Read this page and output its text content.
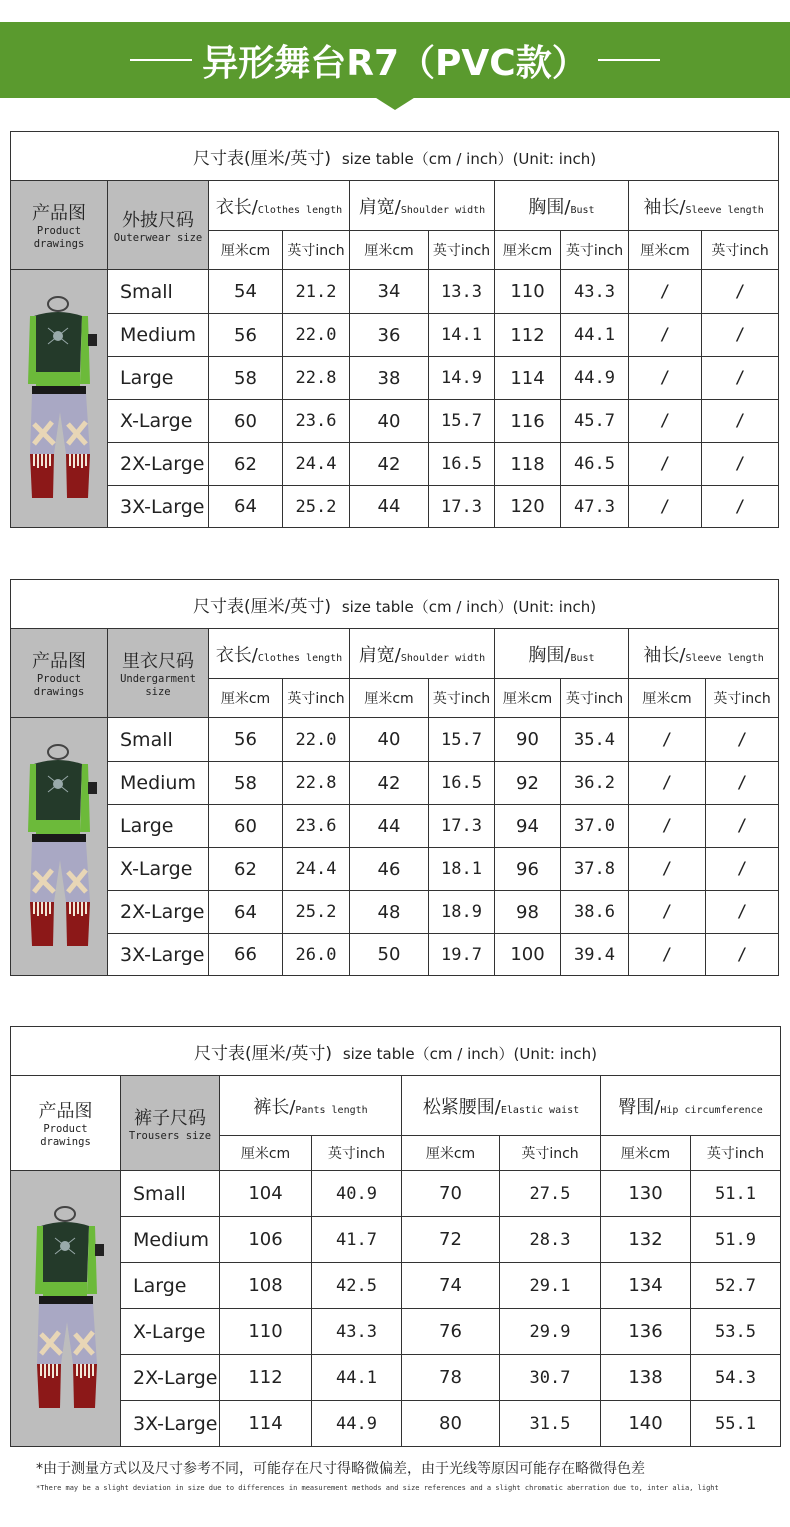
异形舞台R7（PVC款）
尺寸表(厘米/英寸) size table（cm / inch）(Unit: inch)									

产品图
Product drawings	外披尺码
Outerwear size	衣长/Clothes length		肩宽/Shoulder width		胸围/Bust		袖长/Sleeve length	
		厘米cm	英寸inch	厘米cm	英寸inch	厘米cm	英寸inch	厘米cm	英寸inch

	Small	54	21.2	34	13.3	110	43.3	/	/
	Medium	56	22.0	36	14.1	112	44.1	/	/
	Large	58	22.8	38	14.9	114	44.9	/	/
	X-Large	60	23.6	40	15.7	116	45.7	/	/
	2X-Large	62	24.4	42	16.5	118	46.5	/	/
	3X-Large	64	25.2	44	17.3	120	47.3	/	/
尺寸表(厘米/英寸) size table（cm / inch）(Unit: inch)									

产品图
Product drawings	里衣尺码
Undergarment size	衣长/Clothes length		肩宽/Shoulder width		胸围/Bust		袖长/Sleeve length	
		厘米cm	英寸inch	厘米cm	英寸inch	厘米cm	英寸inch	厘米cm	英寸inch

	Small	56	22.0	40	15.7	90	35.4	/	/
	Medium	58	22.8	42	16.5	92	36.2	/	/
	Large	60	23.6	44	17.3	94	37.0	/	/
	X-Large	62	24.4	46	18.1	96	37.8	/	/
	2X-Large	64	25.2	48	18.9	98	38.6	/	/
	3X-Large	66	26.0	50	19.7	100	39.4	/	/
尺寸表(厘米/英寸) size table（cm / inch）(Unit: inch)							

产品图
Product drawings	裤子尺码
Trousers size	裤长/Pants length		松紧腰围/Elastic waist		臀围/Hip circumference	
		厘米cm	英寸inch	厘米cm	英寸inch	厘米cm	英寸inch

	Small	104	40.9	70	27.5	130	51.1
	Medium	106	41.7	72	28.3	132	51.9
	Large	108	42.5	74	29.1	134	52.7
	X-Large	110	43.3	76	29.9	136	53.5
	2X-Large	112	44.1	78	30.7	138	54.3
	3X-Large	114	44.9	80	31.5	140	55.1
*由于测量方式以及尺寸参考不同，可能存在尺寸得略微偏差，由于光线等原因可能存在略微得色差
*There may be a slight deviation in size due to differences in measurement methods and size references and a slight chromatic aberration due to, inter alia, light
